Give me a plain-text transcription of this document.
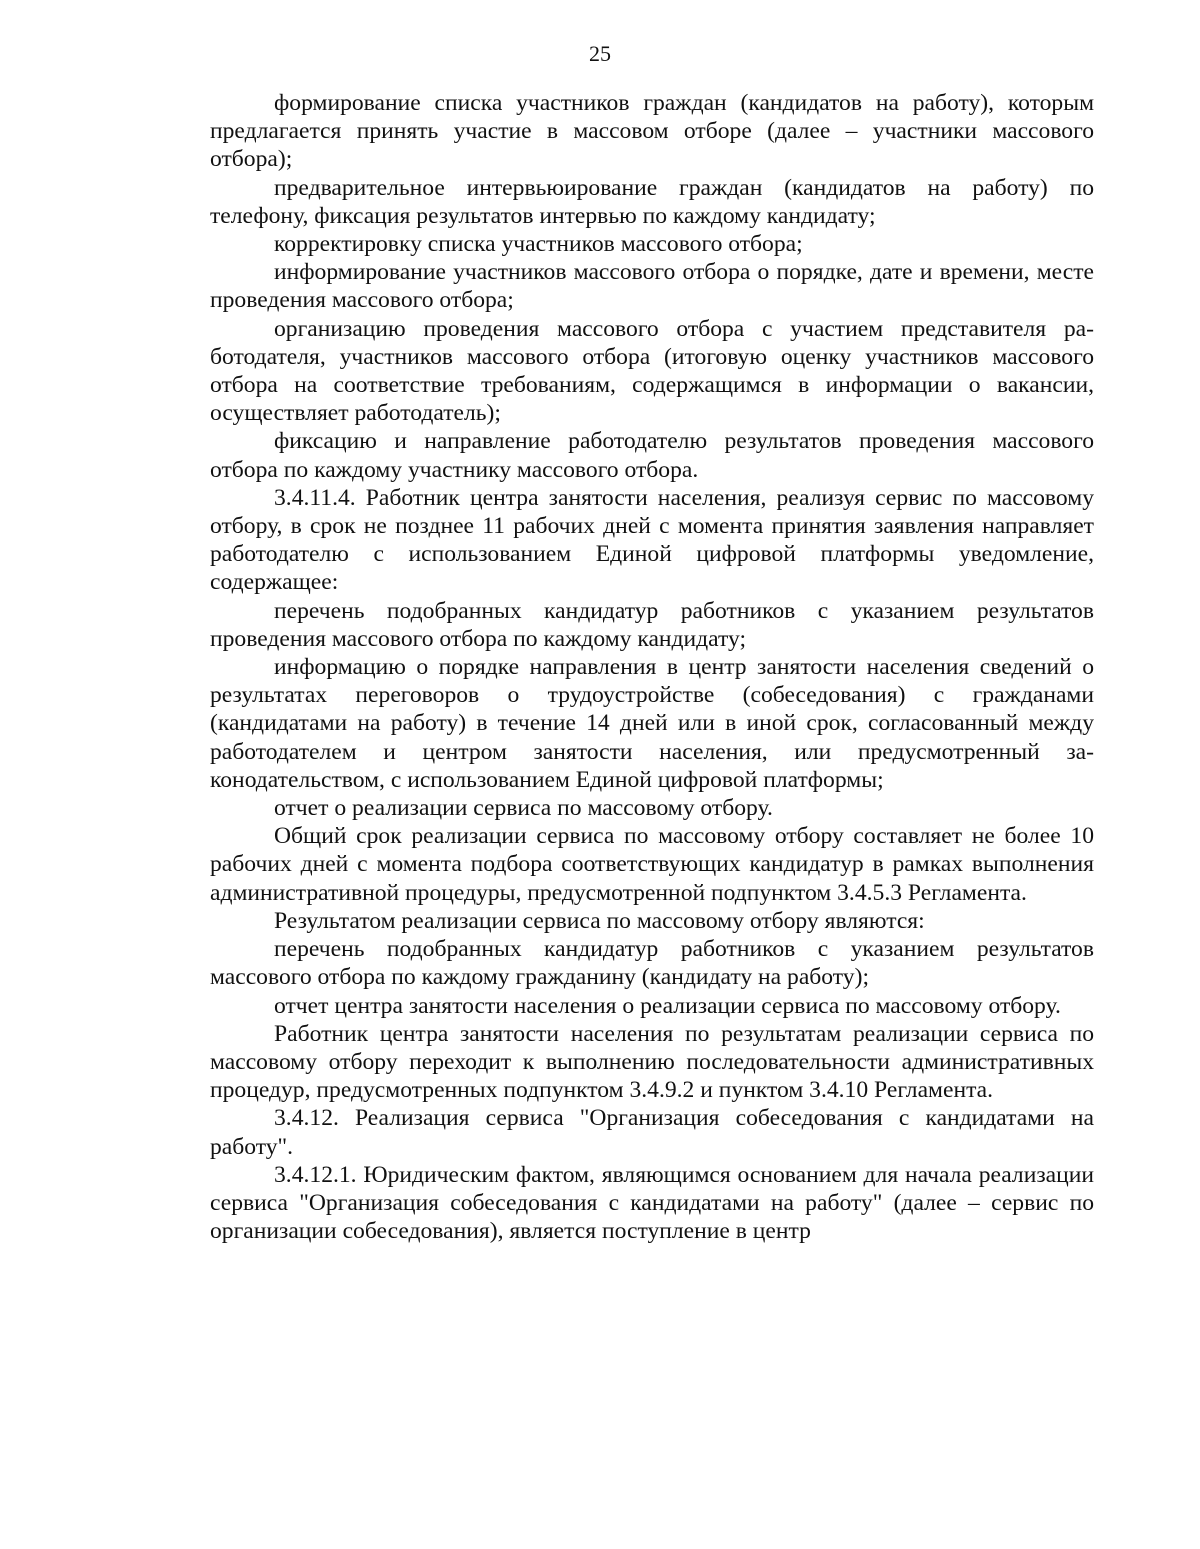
25

формирование списка участников граждан (кандидатов на работу), которым предлагается принять участие в массовом отборе (далее – участники массового отбора);

предварительное интервьюирование граждан (кандидатов на работу) по телефону, фиксация результатов интервью по каждому кандидату;

корректировку списка участников массового отбора;

информирование участников массового отбора о порядке, дате и времени, месте проведения массового отбора;

организацию проведения массового отбора с участием представителя работодателя, участников массового отбора (итоговую оценку участников массового отбора на соответствие требованиям, содержащимся в информации о вакансии, осуществляет работодатель);

фиксацию и направление работодателю результатов проведения массового отбора по каждому участнику массового отбора.

3.4.11.4. Работник центра занятости населения, реализуя сервис по массовому отбору, в срок не позднее 11 рабочих дней с момента принятия заявления направляет работодателю с использованием Единой цифровой платформы уведомление, содержащее:

перечень подобранных кандидатур работников с указанием результатов проведения массового отбора по каждому кандидату;

информацию о порядке направления в центр занятости населения сведений о результатах переговоров о трудоустройстве (собеседования) с гражданами (кандидатами на работу) в течение 14 дней или в иной срок, согласованный между работодателем и центром занятости населения, или предусмотренный законодательством, с использованием Единой цифровой платформы;

отчет о реализации сервиса по массовому отбору.

Общий срок реализации сервиса по массовому отбору составляет не более 10 рабочих дней с момента подбора соответствующих кандидатур в рамках выполнения административной процедуры, предусмотренной подпунктом 3.4.5.3 Регламента.

Результатом реализации сервиса по массовому отбору являются:

перечень подобранных кандидатур работников с указанием результатов массового отбора по каждому гражданину (кандидату на работу);

отчет центра занятости населения о реализации сервиса по массовому отбору.

Работник центра занятости населения по результатам реализации сервиса по массовому отбору переходит к выполнению последовательности административных процедур, предусмотренных подпунктом 3.4.9.2 и пунктом 3.4.10 Регламента.

3.4.12. Реализация сервиса "Организация собеседования с кандидатами на работу".

3.4.12.1. Юридическим фактом, являющимся основанием для начала реализации сервиса "Организация собеседования с кандидатами на работу" (далее – сервис по организации собеседования), является поступление в центр
